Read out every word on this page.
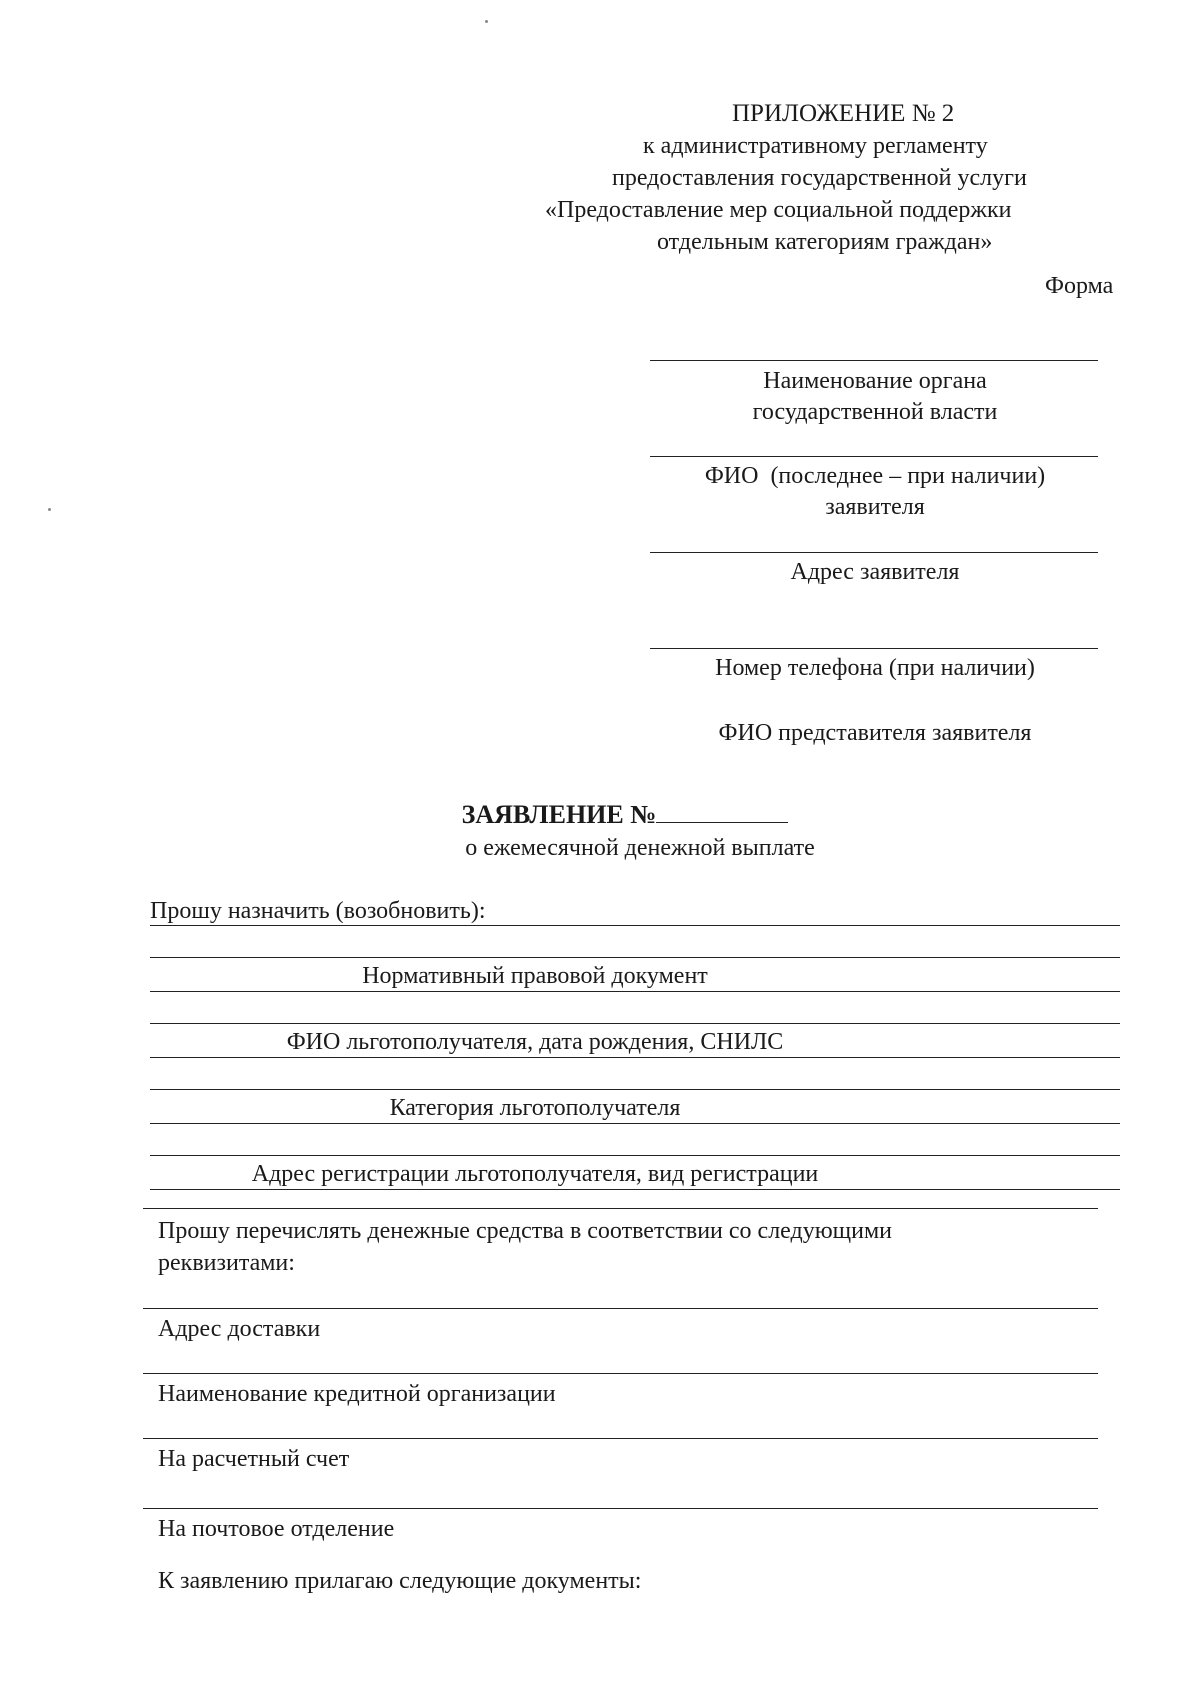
ПРИЛОЖЕНИЕ № 2
к административному регламенту
предоставления государственной услуги
«Предоставление мер социальной поддержки
отдельным категориям граждан»
Форма
Наименование органа
государственной власти
ФИО  (последнее – при наличии)
заявителя
Адрес заявителя
Номер телефона (при наличии)
ФИО представителя заявителя
ЗАЯВЛЕНИЕ №
о ежемесячной денежной выплате
Прошу назначить (возобновить):
Нормативный правовой документ
ФИО льготополучателя, дата рождения, СНИЛС
Категория льготополучателя
Адрес регистрации льготополучателя, вид регистрации
Прошу перечислять денежные средства в соответствии со следующими
реквизитами:
Адрес доставки
Наименование кредитной организации
На расчетный счет
На почтовое отделение
К заявлению прилагаю следующие документы:
